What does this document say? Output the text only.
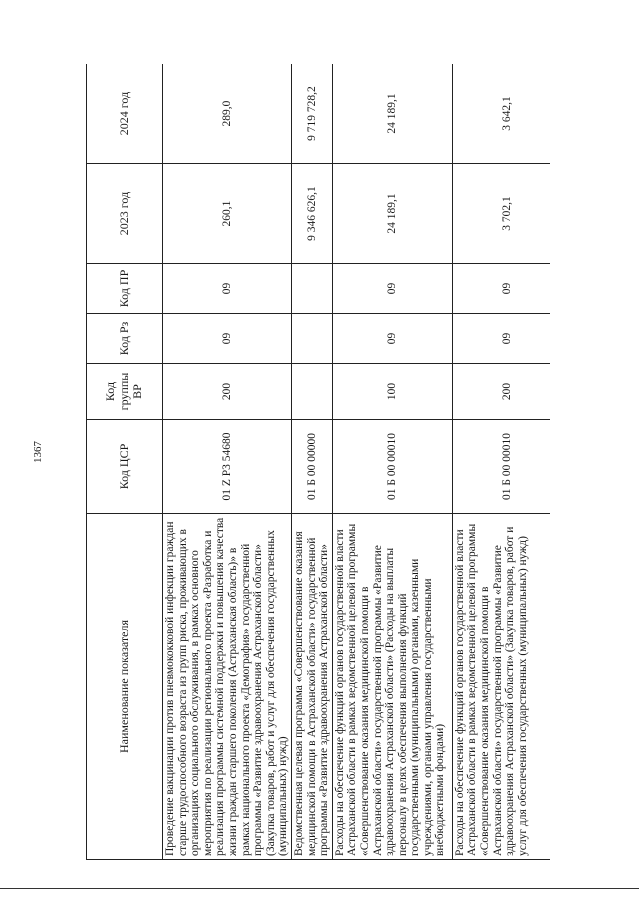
1367
Наименование показателя	Код ЦСР	Код группы ВР	Код Рз	Код ПР	2023 год	2024 год
Проведение вакцинации против пневмококковой инфекции граждан старше трудоспособного возраста из групп риска, проживающих в организациях социального обслуживания, в рамках основного мероприятия по реализации регионального проекта «Разработка и реализация программы системной поддержки и повышения качества жизни граждан старшего поколения (Астраханская область)» в рамках национального проекта «Демография» государственной программы «Развитие здравоохранения Астраханской области» (Закупка товаров, работ и услуг для обеспечения государственных (муниципальных) нужд)	01 Z P3 54680	200	09	09	260,1	289,0
Ведомственная целевая программа «Совершенствование оказания медицинской помощи в Астраханской области» государственной программы «Развитие здравоохранения Астраханской области»	01 Б 00 00000				9 346 626,1	9 719 728,2
Расходы на обеспечение функций органов государственной власти Астраханской области в рамках ведомственной целевой программы «Совершенствование оказания медицинской помощи в Астраханской области» государственной программы «Развитие здравоохранения Астраханской области» (Расходы на выплаты персоналу в целях обеспечения выполнения функций государственными (муниципальными) органами, казенными учреждениями, органами управления государственными внебюджетными фондами)	01 Б 00 00010	100	09	09	24 189,1	24 189,1
Расходы на обеспечение функций органов государственной власти Астраханской области в рамках ведомственной целевой программы «Совершенствование оказания медицинской помощи в Астраханской области» государственной программы «Развитие здравоохранения Астраханской области» (Закупка товаров, работ и услуг для обеспечения государственных (муниципальных) нужд)	01 Б 00 00010	200	09	09	3 702,1	3 642,1
